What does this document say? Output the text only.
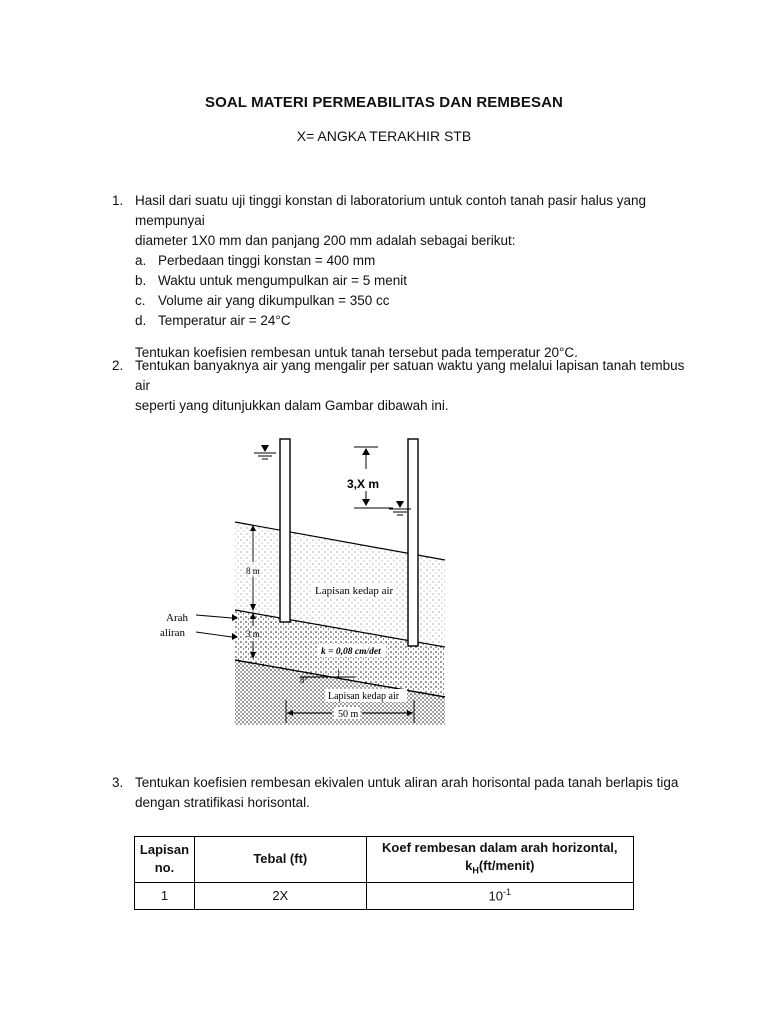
SOAL MATERI PERMEABILITAS DAN REMBESAN
X= ANGKA TERAKHIR STB
1. Hasil dari suatu uji tinggi konstan di laboratorium untuk contoh tanah pasir halus yang mempunyai
diameter 1X0 mm dan panjang 200 mm adalah sebagai berikut:
a. Perbedaan tinggi konstan = 400 mm
b. Waktu untuk mengumpulkan air = 5 menit
c. Volume air yang dikumpulkan = 350 cc
d. Temperatur air = 24°C
Tentukan koefisien rembesan untuk tanah tersebut pada temperatur 20°C.
2. Tentukan banyaknya air yang mengalir per satuan waktu yang melalui lapisan tanah tembus air
seperti yang ditunjukkan dalam Gambar dibawah ini.
3,X m
8 m
3 m
Arah
aliran
Lapisan kedap air
k = 0,08 cm/det
8°
Lapisan kedap air
50 m
3. Tentukan koefisien rembesan ekivalen untuk aliran arah horisontal pada tanah berlapis tiga
dengan stratifikasi horisontal.
Lapisan
no.	Tebal (ft)	Koef rembesan dalam arah horizontal,
$k_H(ft/menit)$
1	2X	$10^{-1}$
